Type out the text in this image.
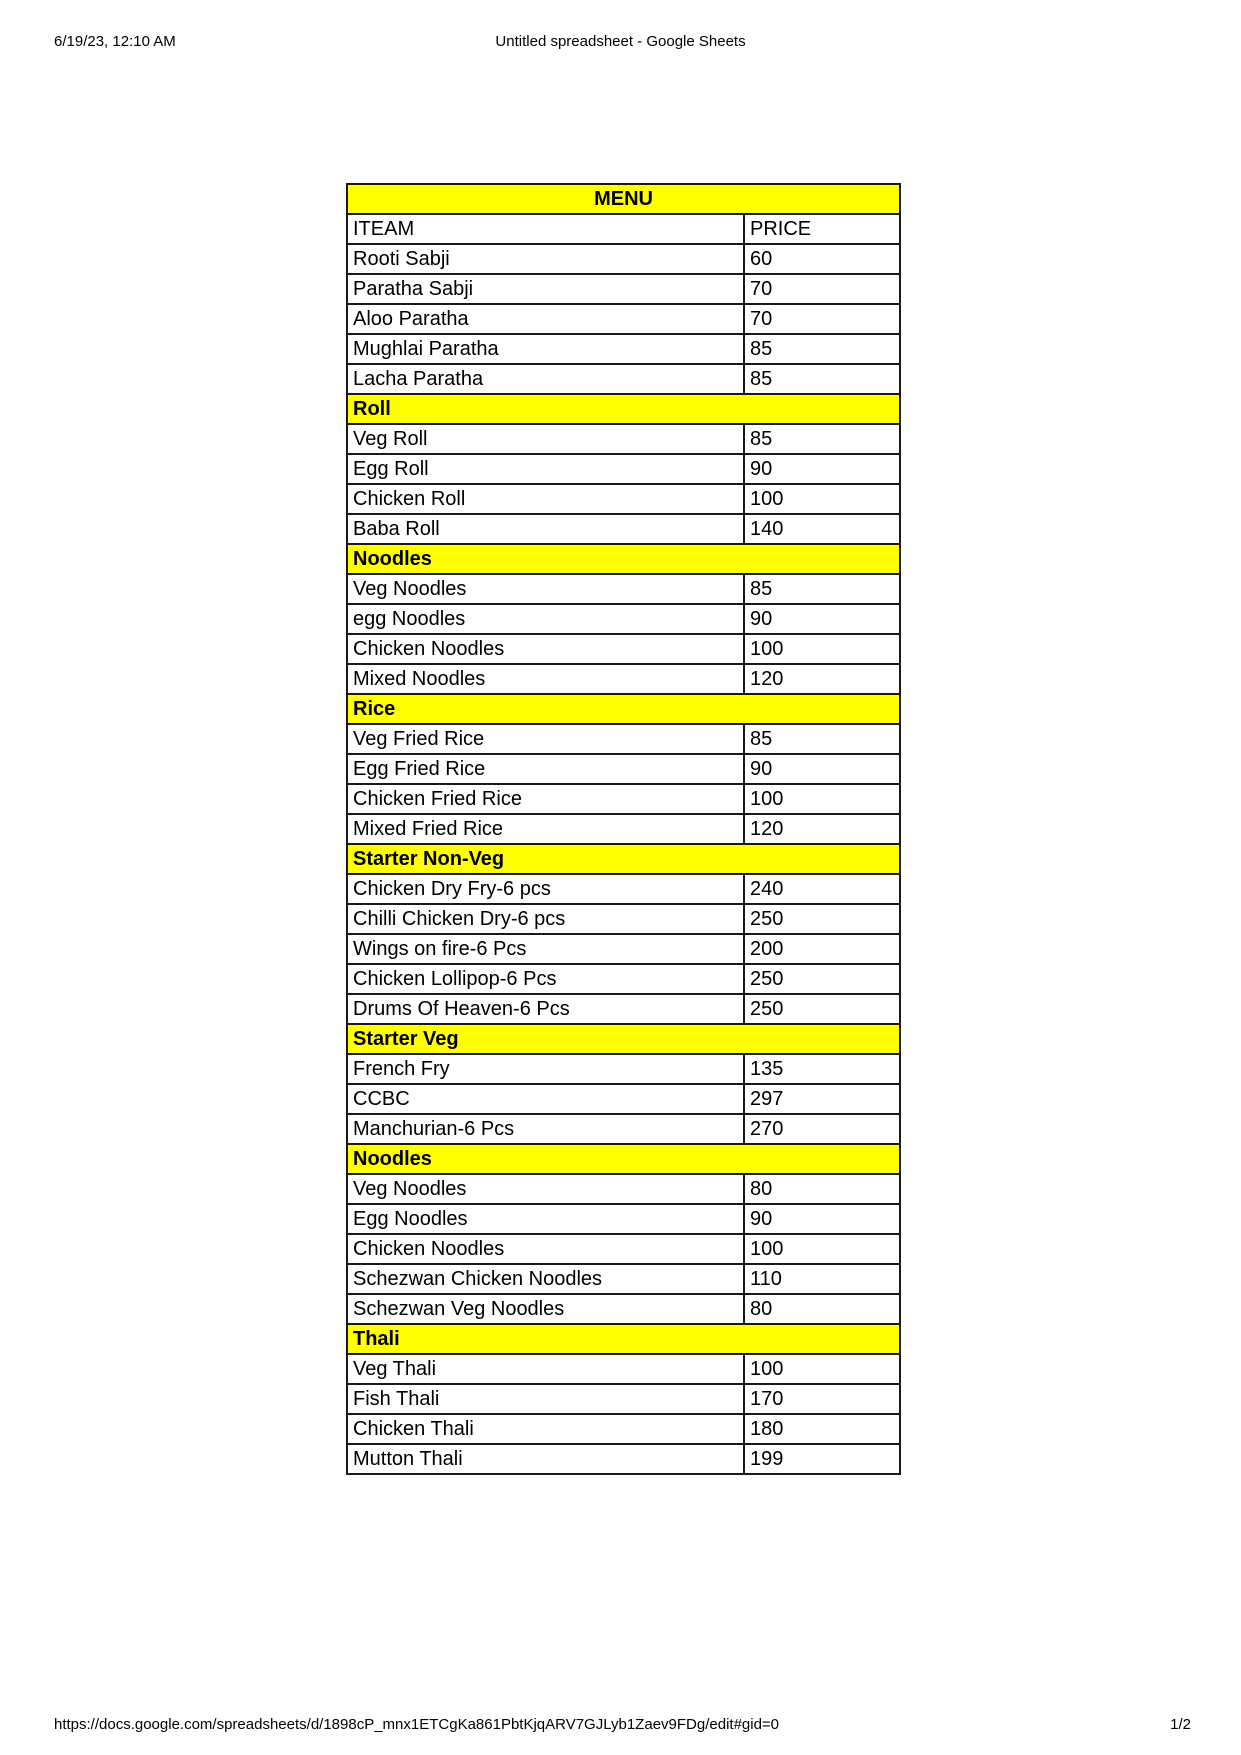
6/19/23, 12:10 AM	Untitled spreadsheet - Google Sheets
MENU	
ITEAM	PRICE
Rooti Sabji	60
Paratha Sabji	70
Aloo Paratha	70
Mughlai Paratha	85
Lacha Paratha	85
Roll	
Veg Roll	85
Egg Roll	90
Chicken Roll	100
Baba Roll	140
Noodles	
Veg Noodles	85
egg Noodles	90
Chicken Noodles	100
Mixed Noodles	120
Rice	
Veg Fried Rice	85
Egg Fried Rice	90
Chicken Fried Rice	100
Mixed Fried Rice	120
Starter Non-Veg	
Chicken Dry Fry-6 pcs	240
Chilli Chicken Dry-6 pcs	250
Wings on fire-6 Pcs	200
Chicken Lollipop-6 Pcs	250
Drums Of Heaven-6 Pcs	250
Starter Veg	
French Fry	135
CCBC	297
Manchurian-6 Pcs	270
Noodles	
Veg Noodles	80
Egg Noodles	90
Chicken Noodles	100
Schezwan Chicken Noodles	110
Schezwan Veg Noodles	80
Thali	
Veg Thali	100
Fish Thali	170
Chicken Thali	180
Mutton Thali	199
https://docs.google.com/spreadsheets/d/1898cP_mnx1ETCgKa861PbtKjqARV7GJLyb1Zaev9FDg/edit#gid=0	1/2
